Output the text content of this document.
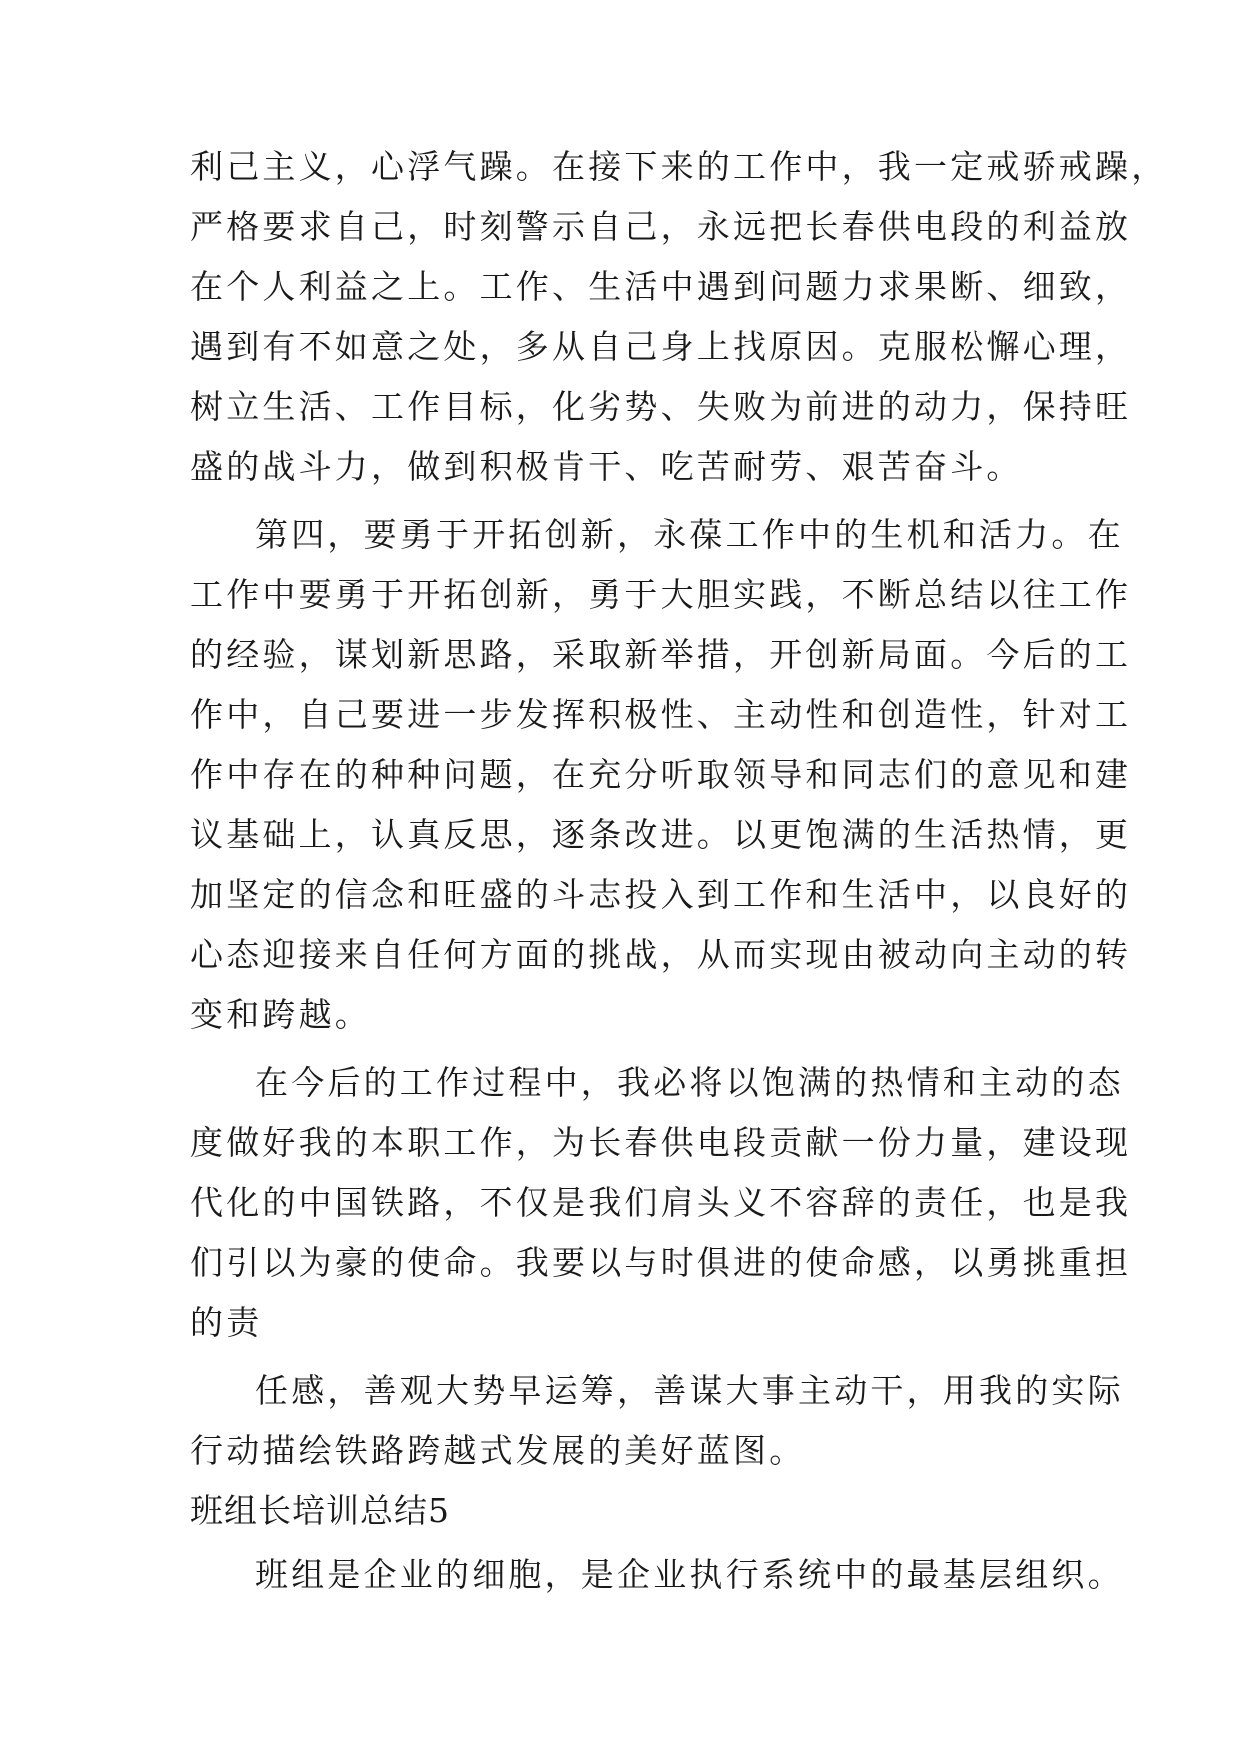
利己主义，心浮气躁。在接下来的工作中，我一定戒骄戒躁，
严格要求自己，时刻警示自己，永远把长春供电段的利益放
在个人利益之上。工作、生活中遇到问题力求果断、细致，
遇到有不如意之处，多从自己身上找原因。克服松懈心理，
树立生活、工作目标，化劣势、失败为前进的动力，保持旺
盛的战斗力，做到积极肯干、吃苦耐劳、艰苦奋斗。
第四，要勇于开拓创新，永葆工作中的生机和活力。在
工作中要勇于开拓创新，勇于大胆实践，不断总结以往工作
的经验，谋划新思路，采取新举措，开创新局面。今后的工
作中，自己要进一步发挥积极性、主动性和创造性，针对工
作中存在的种种问题，在充分听取领导和同志们的意见和建
议基础上，认真反思，逐条改进。以更饱满的生活热情，更
加坚定的信念和旺盛的斗志投入到工作和生活中，以良好的
心态迎接来自任何方面的挑战，从而实现由被动向主动的转
变和跨越。
在今后的工作过程中，我必将以饱满的热情和主动的态
度做好我的本职工作，为长春供电段贡献一份力量，建设现
代化的中国铁路，不仅是我们肩头义不容辞的责任，也是我
们引以为豪的使命。我要以与时俱进的使命感，以勇挑重担
的责
任感，善观大势早运筹，善谋大事主动干，用我的实际
行动描绘铁路跨越式发展的美好蓝图。
班组长培训总结5
班组是企业的细胞，是企业执行系统中的最基层组织。
